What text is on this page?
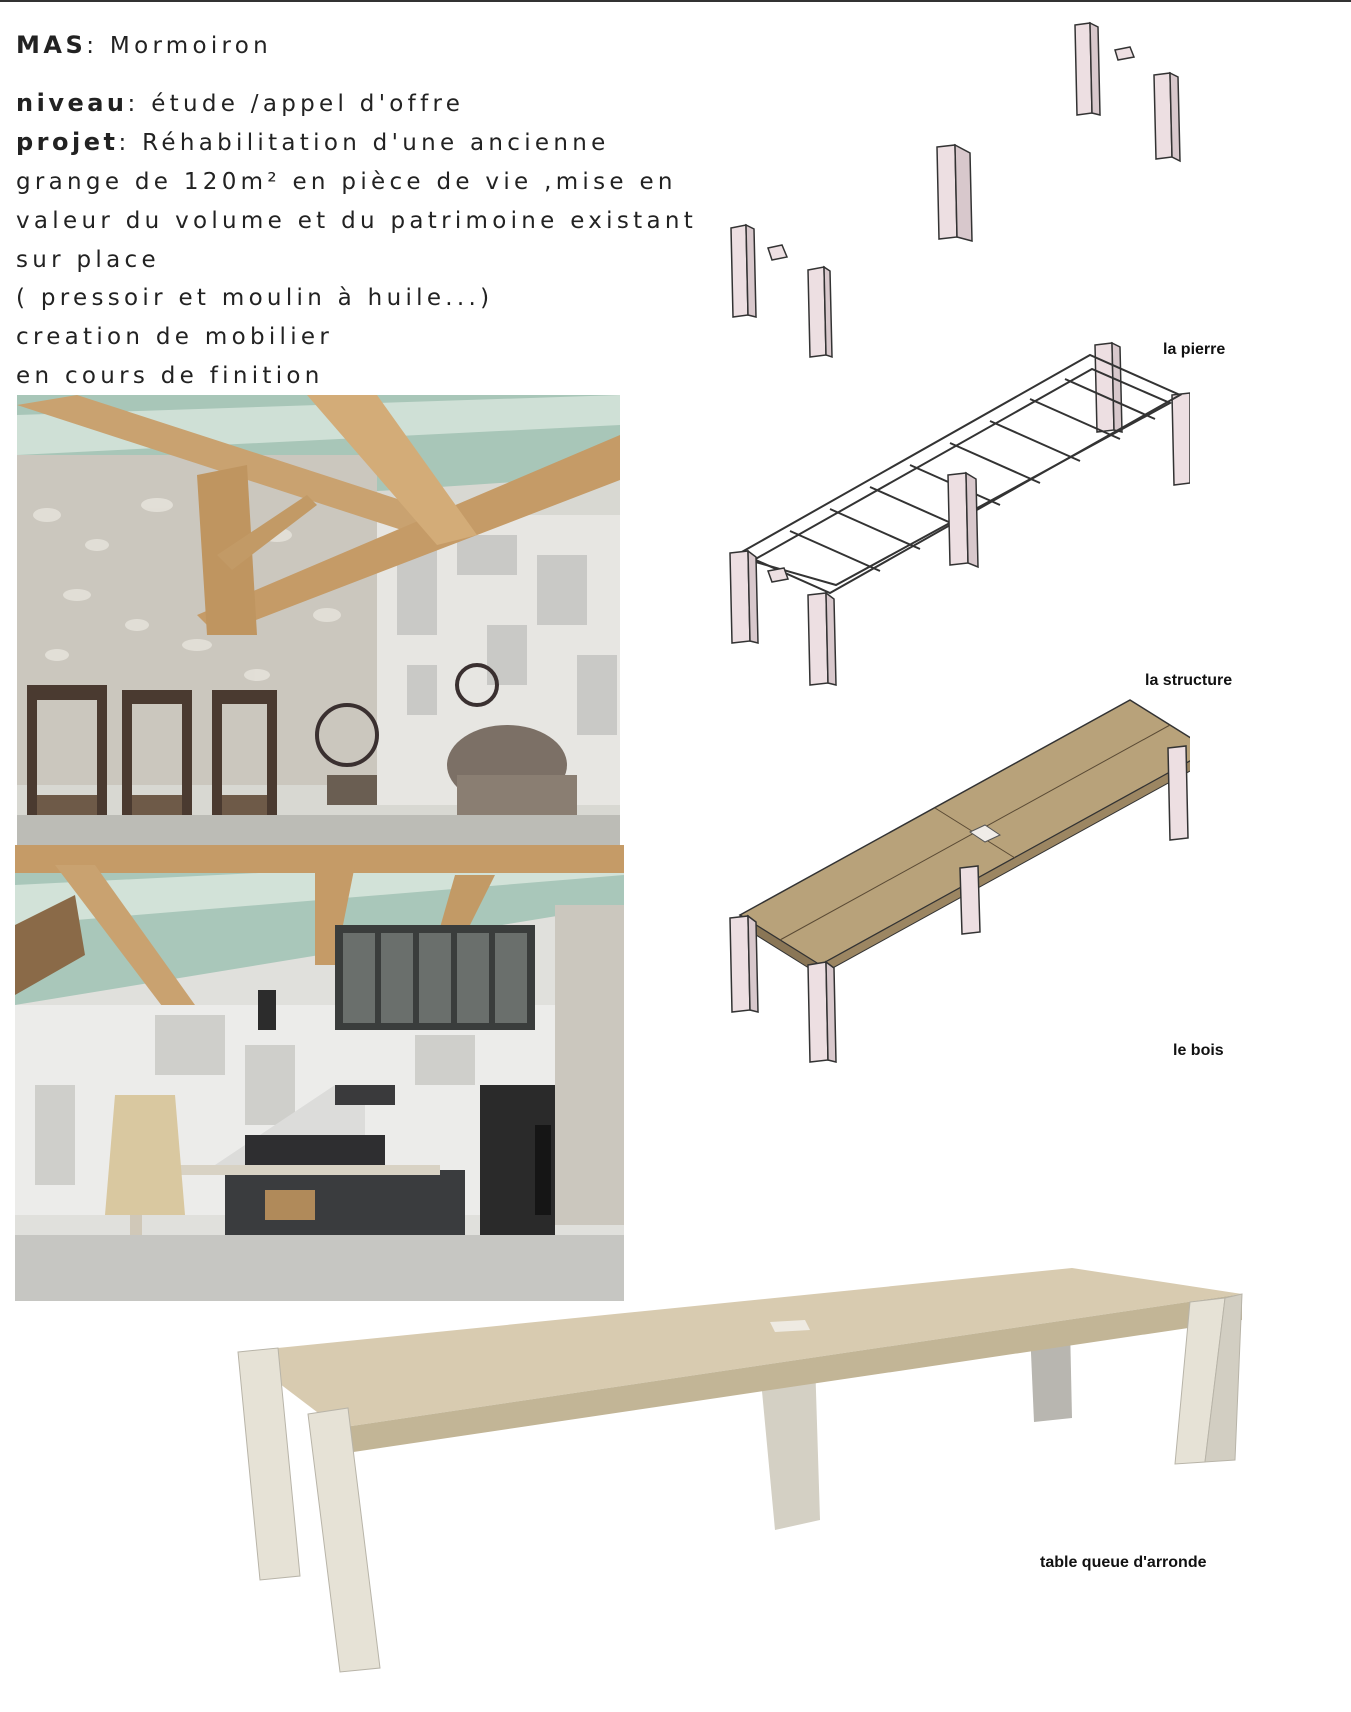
MAS: Mormoiron
niveau: étude /appel d'offre
projet: Réhabilitation d'une ancienne
grange de 120m² en pièce de vie ,mise en
valeur du volume et du patrimoine existant
sur place
( pressoir et moulin à huile...)
creation de mobilier
en cours de finition
la pierre
la structure
le bois
table queue d'arronde
